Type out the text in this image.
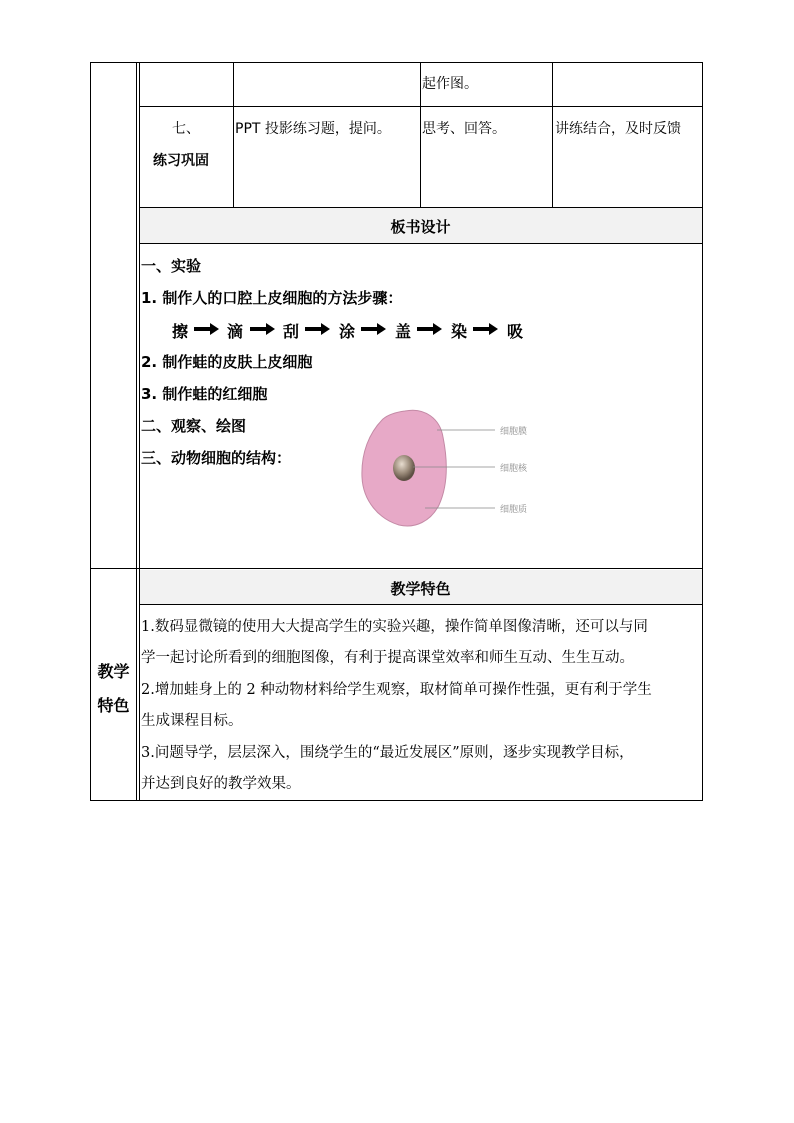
起作图。
七、
练习巩固
PPT 投影练习题，提问。 思考、回答。	讲练结合，及时反馈
板书设计
一、实验
1. 制作人的口腔上皮细胞的方法步骤：
擦 滴 刮 涂 盖 染 吸
2. 制作蛙的皮肤上皮细胞
3. 制作蛙的红细胞
二、观察、绘图
三、动物细胞的结构：
细胞膜
细胞核
细胞质
教学
特色
教学特色
1.数码显微镜的使用大大提高学生的实验兴趣，操作简单图像清晰，还可以与同
学一起讨论所看到的细胞图像，有利于提高课堂效率和师生互动、生生互动。
2.增加蛙身上的 2 种动物材料给学生观察，取材简单可操作性强，更有利于学生
生成课程目标。
3.问题导学，层层深入，围绕学生的“最近发展区”原则，逐步实现教学目标，
并达到良好的教学效果。
